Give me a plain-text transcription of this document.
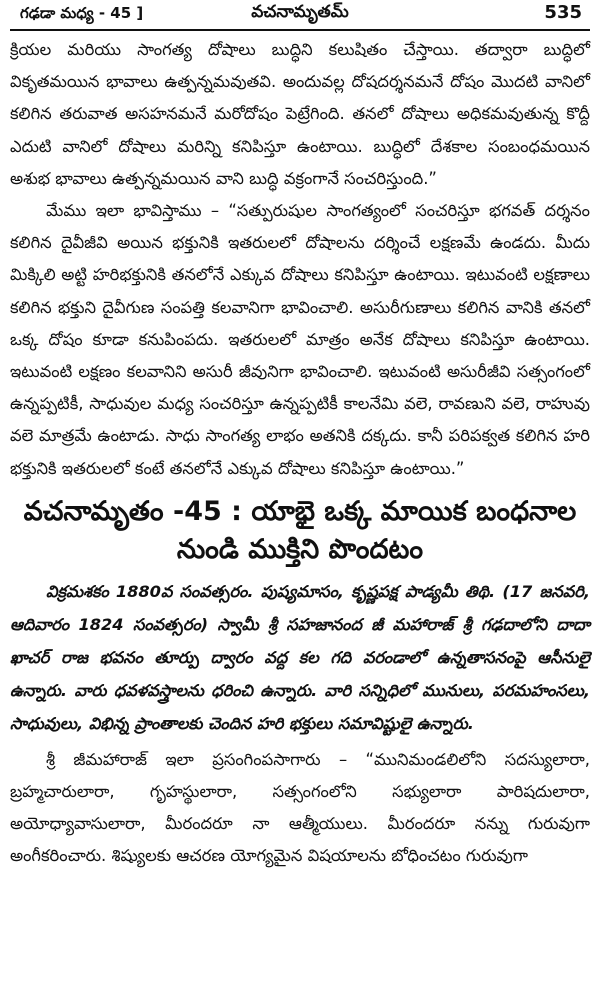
గఢడా మధ్య - 45 ]	వచనామృతమ్	535

క్రియల మరియు సాంగత్య దోషాలు బుద్ధిని కలుషితం చేస్తాయి. తద్వారా బుద్ధిలో వికృతమయిన భావాలు ఉత్పన్నమవుతవి. అందువల్ల దోషదర్శనమనే దోషం మొదటి వానిలో కలిగిన తరువాత అసహనమనే మరోదోషం పెట్రేగింది. తనలో దోషాలు అధికమవుతున్న కొద్దీ ఎదుటి వానిలో దోషాలు మరిన్ని కనిపిస్తూ ఉంటాయి. బుద్ధిలో దేశకాల సంబంధమయిన అశుభ భావాలు ఉత్పన్నమయిన వాని బుద్ధి వక్రంగానే సంచరిస్తుంది.”

మేము ఇలా భావిస్తాము – “సత్పురుషుల సాంగత్యంలో సంచరిస్తూ భగవత్ దర్శనం కలిగిన దైవీజీవి అయిన భక్తునికి ఇతరులలో దోషాలను దర్శించే లక్షణమే ఉండదు. మీదు మిక్కిలి అట్టి హరిభక్తునికి తనలోనే ఎక్కువ దోషాలు కనిపిస్తూ ఉంటాయి. ఇటువంటి లక్షణాలు కలిగిన భక్తుని దైవీగుణ సంపత్తి కలవానిగా భావించాలి. అసురీగుణాలు కలిగిన వానికి తనలో ఒక్క దోషం కూడా కనుపింపదు. ఇతరులలో మాత్రం అనేక దోషాలు కనిపిస్తూ ఉంటాయి. ఇటువంటి లక్షణం కలవానిని అసురీ జీవునిగా భావించాలి. ఇటువంటి అసురీజీవి సత్సంగంలో ఉన్నప్పటికీ, సాధువుల మధ్య సంచరిస్తూ ఉన్నప్పటికీ కాలనేమి వలె, రావణుని వలె, రాహువు వలె మాత్రమే ఉంటాడు. సాధు సాంగత్య లాభం అతనికి దక్కదు. కానీ పరిపక్వత కలిగిన హరి భక్తునికి ఇతరులలో కంటే తనలోనే ఎక్కువ దోషాలు కనిపిస్తూ ఉంటాయి.”

వచనామృతం -45 : యాభై ఒక్క మాయిక బంధనాల
నుండి ముక్తిని పొందటం

విక్రమశకం 1880వ సంవత్సరం. పుష్యమాసం, కృష్ణపక్ష పాడ్యమీ తిథి. (17 జనవరి, ఆదివారం 1824 సంవత్సరం) స్వామీ శ్రీ సహజానంద జీ మహారాజ్ శ్రీ గఢదాలోని దాదా ఖాచర్ రాజ భవనం తూర్పు ద్వారం వద్ద కల గది వరండాలో ఉన్నతాసనంపై ఆసీనులై ఉన్నారు. వారు ధవళవస్త్రాలను ధరించి ఉన్నారు. వారి సన్నిధిలో మునులు, పరమహంసలు, సాధువులు, విభిన్న ప్రాంతాలకు చెందిన హరి భక్తులు సమావిష్టులై ఉన్నారు.

శ్రీ జీమహారాజ్ ఇలా ప్రసంగింపసాగారు – “మునిమండలిలోని సదస్యులారా, బ్రహ్మచారులారా, గృహస్థులారా, సత్సంగంలోని సభ్యులారా పారిషదులారా, అయోధ్యావాసులారా, మీరందరూ నా ఆత్మీయులు. మీరందరూ నన్ను గురువుగా అంగీకరించారు. శిష్యులకు ఆచరణ యోగ్యమైన విషయాలను బోధించటం గురువుగా
